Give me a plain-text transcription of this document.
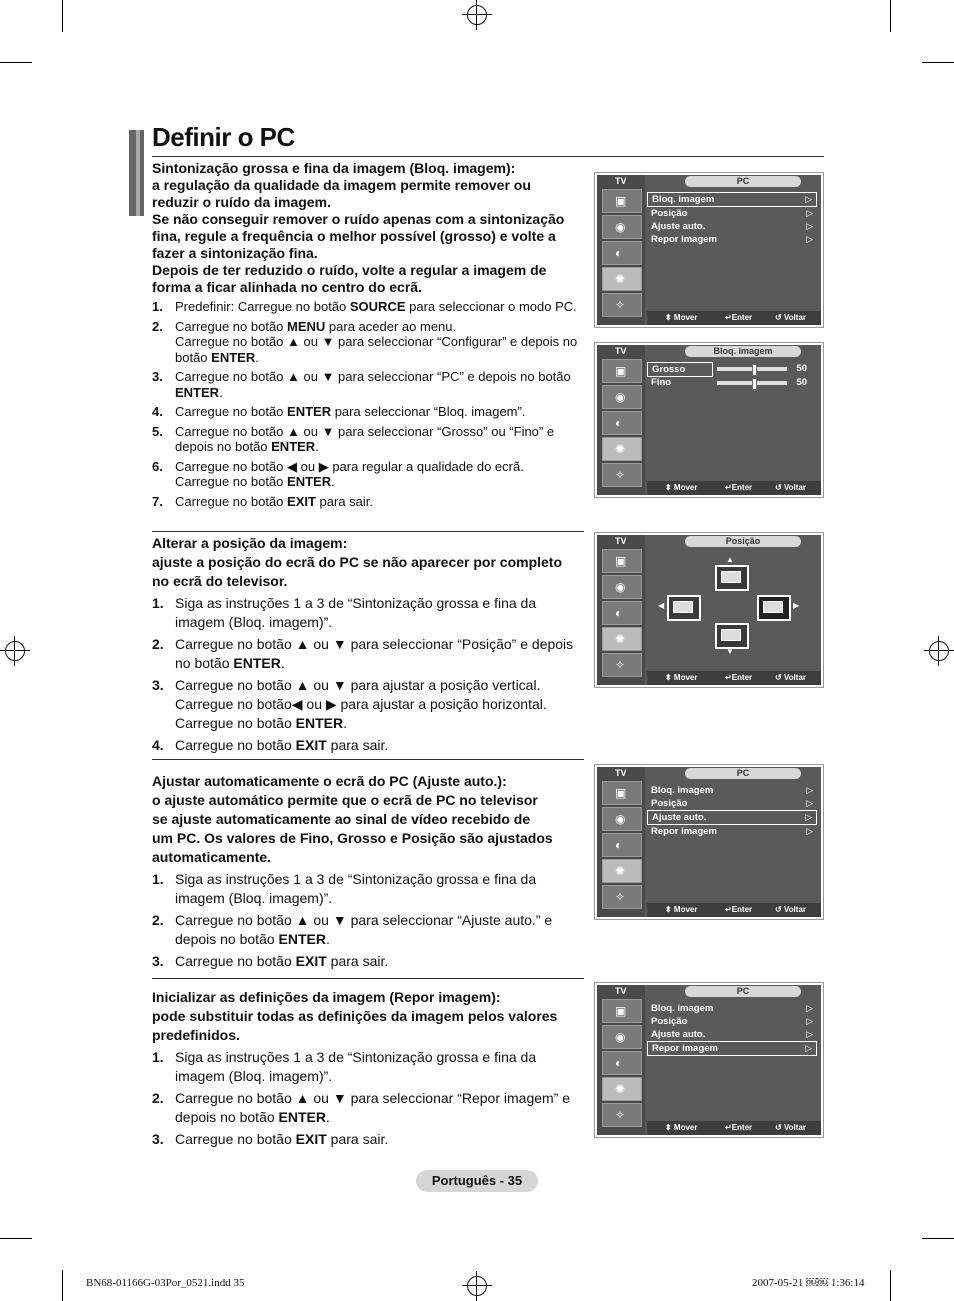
Definir o PC
Sintonização grossa e fina da imagem (Bloq. imagem):
a regulação da qualidade da imagem permite remover ou
reduzir o ruído da imagem.
Se não conseguir remover o ruído apenas com a sintonização
fina, regule a frequência o melhor possível (grosso) e volte a
fazer a sintonização fina.
Depois de ter reduzido o ruído, volte a regular a imagem de
forma a ficar alinhada no centro do ecrã.
1. Predefinir: Carregue no botão SOURCE para seleccionar o modo PC.
2. Carregue no botão MENU para aceder ao menu.
Carregue no botão ▲ ou ▼ para seleccionar “Configurar” e depois no botão ENTER.
3. Carregue no botão ▲ ou ▼ para seleccionar “PC” e depois no botão ENTER.
4. Carregue no botão ENTER para seleccionar “Bloq. imagem”.
5. Carregue no botão ▲ ou ▼ para seleccionar “Grosso” ou “Fino” e depois no botão ENTER.
6. Carregue no botão ◀ ou ▶ para regular a qualidade do ecrã.
Carregue no botão ENTER.
7. Carregue no botão EXIT para sair.
Alterar a posição da imagem:
ajuste a posição do ecrã do PC se não aparecer por completo
no ecrã do televisor.
1. Siga as instruções 1 a 3 de “Sintonização grossa e fina da imagem (Bloq. imagem)”.
2. Carregue no botão ▲ ou ▼ para seleccionar “Posição” e depois no botão ENTER.
3. Carregue no botão ▲ ou ▼ para ajustar a posição vertical.
Carregue no botão◀ ou ▶ para ajustar a posição horizontal.
Carregue no botão ENTER.
4. Carregue no botão EXIT para sair.
Ajustar automaticamente o ecrã do PC (Ajuste auto.):
o ajuste automático permite que o ecrã de PC no televisor
se ajuste automaticamente ao sinal de vídeo recebido de
um PC. Os valores de Fino, Grosso e Posição são ajustados
automaticamente.
1. Siga as instruções 1 a 3 de “Sintonização grossa e fina da imagem (Bloq. imagem)”.
2. Carregue no botão ▲ ou ▼ para seleccionar “Ajuste auto.” e depois no botão ENTER.
3. Carregue no botão EXIT para sair.
Inicializar as definições da imagem (Repor imagem):
pode substituir todas as definições da imagem pelos valores
predefinidos.
1. Siga as instruções 1 a 3 de “Sintonização grossa e fina da imagem (Bloq. imagem)”.
2. Carregue no botão ▲ ou ▼ para seleccionar “Repor imagem” e depois no botão ENTER.
3. Carregue no botão EXIT para sair.
▣
◉
◐
✺
✧
TV	PC
⬍ Mover	↵Enter	↺ Voltar
Bloq. imagem	▷
Posição	▷
Ajuste auto.	▷
Repor imagem	▷
▣
◉
◐
✺
✧
TV	Bloq. imagem
⬍ Mover	↵Enter	↺ Voltar
Grosso	50
Fino	50
▣
◉
◐
✺
✧
TV	Posição
⬍ Mover	↵Enter	↺ Voltar
▲
▼
◀	▶
▣
◉
◐
✺
✧
TV	PC
⬍ Mover	↵Enter	↺ Voltar
Bloq. imagem	▷
Posição	▷
Ajuste auto.	▷
Repor imagem	▷
▣
◉
◐
✺
✧
TV	PC
⬍ Mover	↵Enter	↺ Voltar
Bloq. imagem	▷
Posição	▷
Ajuste auto.	▷
Repor imagem	▷
Português - 35
BN68-01166G-03Por_0521.indd 35	2007-05-21 ￼￼ 1:36:14
